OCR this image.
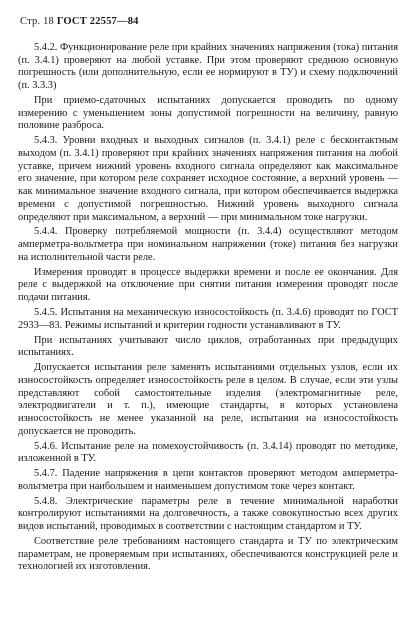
Стр. 18 ГОСТ 22557—84

5.4.2. Функционирование реле при крайних значениях напряжения (тока) питания (п. 3.4.1) проверяют на любой уставке. При этом проверяют среднюю основную погрешность (или дополнительную, если ее нормируют в ТУ) и схему подключений (п. 3.3.3)

При приемо-сдаточных испытаниях допускается проводить по одному измерению с уменьшением зоны допустимой погрешности на величину, равную половине разброса.

5.4.3. Уровни входных и выходных сигналов (п. 3.4.1) реле с бесконтактным выходом (п. 3.4.1) проверяют при крайних значениях напряжения питания на любой уставке, причем нижний уровень входного сигнала определяют как максимальное его значение, при котором реле сохраняет исходное состояние, а верхний уровень — как минимальное значение входного сигнала, при котором обеспечивается выдержка времени с допустимой погрешностью. Нижний уровень выходного сигнала определяют при максимальном, а верхний — при минимальном токе нагрузки.

5.4.4. Проверку потребляемой мощности (п. 3.4.4) осуществляют методом амперметра-вольтметра при номинальном напряжении (токе) питания без нагрузки на исполнительной части реле.

Измерения проводят в процессе выдержки времени и после ее окончания. Для реле с выдержкой на отключение при снятии питания измерения проводят после подачи питания.

5.4.5. Испытания на механическую износостойкость (п. 3.4.6) проводят по ГОСТ 2933—83. Режимы испытаний и критерии годности устанавливают в ТУ.

При испытаниях учитывают число циклов, отработанных при предыдущих испытаниях.

Допускается испытания реле заменять испытаниями отдельных узлов, если их износостойкость определяет износостойкость реле в целом. В случае, если эти узлы представляют собой самостоятельные изделия (электромагнитные реле, электродвигатели и т. п.), имеющие стандарты, в которых установлена износостойкость не менее указанной на реле, испытания на износостойкость допускается не проводить.

5.4.6. Испытание реле на помехоустойчивость (п. 3.4.14) проводят по методике, изложенной в ТУ.

5.4.7. Падение напряжения в цепи контактов проверяют методом амперметра-вольтметра при наибольшем и наименьшем допустимом токе через контакт.

5.4.8. Электрические параметры реле в течение минимальной наработки контролируют испытаниями на долговечность, а также совокупностью всех других видов испытаний, проводимых в соответствии с настоящим стандартом и ТУ.

Соответствие реле требованиям настоящего стандарта и ТУ по электрическим параметрам, не проверяемым при испытаниях, обеспечиваются конструкцией реле и технологией их изготовления.
